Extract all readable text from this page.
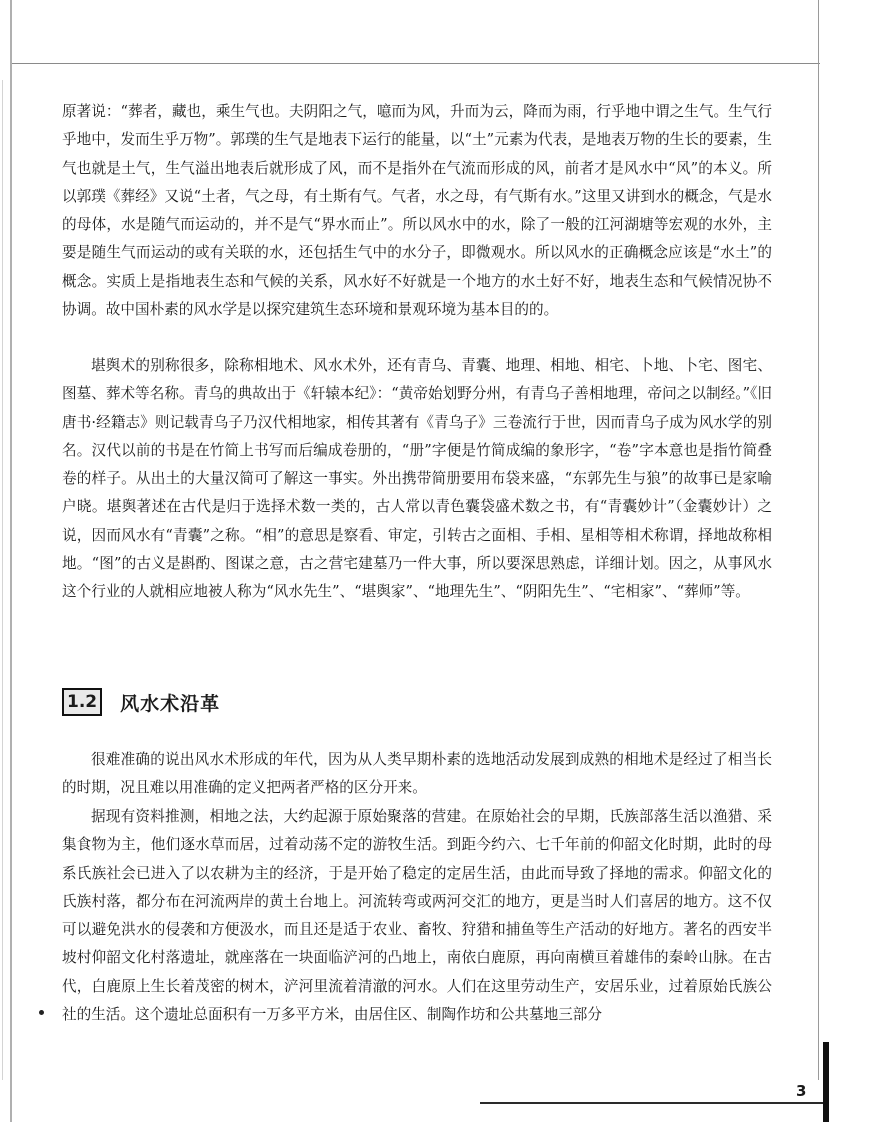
原著说：“葬者，藏也，乘生气也。夫阴阳之气，噫而为风，升而为云，降而为雨，行乎地中谓之生气。生气行乎地中，发而生乎万物”。郭璞的生气是地表下运行的能量，以“土”元素为代表，是地表万物的生长的要素，生气也就是土气，生气溢出地表后就形成了风，而不是指外在气流而形成的风，前者才是风水中“风”的本义。所以郭璞《葬经》又说“土者，气之母，有土斯有气。气者，水之母，有气斯有水。”这里又讲到水的概念，气是水的母体，水是随气而运动的，并不是气“界水而止”。所以风水中的水，除了一般的江河湖塘等宏观的水外，主要是随生气而运动的或有关联的水，还包括生气中的水分子，即微观水。所以风水的正确概念应该是“水土”的概念。实质上是指地表生态和气候的关系，风水好不好就是一个地方的水土好不好，地表生态和气候情况协不协调。故中国朴素的风水学是以探究建筑生态环境和景观环境为基本目的的。

堪舆术的别称很多，除称相地术、风水术外，还有青乌、青囊、地理、相地、相宅、卜地、卜宅、图宅、图墓、葬术等名称。青乌的典故出于《轩辕本纪》：“黄帝始划野分州，有青乌子善相地理，帝问之以制经。”《旧唐书·经籍志》则记载青乌子乃汉代相地家，相传其著有《青乌子》三卷流行于世，因而青乌子成为风水学的别名。汉代以前的书是在竹简上书写而后编成卷册的，“册”字便是竹简成编的象形字，“卷”字本意也是指竹简叠卷的样子。从出土的大量汉简可了解这一事实。外出携带简册要用布袋来盛，“东郭先生与狼”的故事已是家喻户晓。堪舆著述在古代是归于选择术数一类的，古人常以青色囊袋盛术数之书，有“青囊妙计”（金囊妙计）之说，因而风水有“青囊”之称。“相”的意思是察看、审定，引转古之面相、手相、星相等相术称谓，择地故称相地。“图”的古义是斟酌、图谋之意，古之营宅建墓乃一件大事，所以要深思熟虑，详细计划。因之，从事风水这个行业的人就相应地被人称为“风水先生”、“堪舆家”、“地理先生”、“阴阳先生”、“宅相家”、“葬师”等。

1.2 风水术沿革

很难准确的说出风水术形成的年代，因为从人类早期朴素的选地活动发展到成熟的相地术是经过了相当长的时期，况且难以用准确的定义把两者严格的区分开来。

据现有资料推测，相地之法，大约起源于原始聚落的营建。在原始社会的早期，氏族部落生活以渔猎、采集食物为主，他们逐水草而居，过着动荡不定的游牧生活。到距今约六、七千年前的仰韶文化时期，此时的母系氏族社会已进入了以农耕为主的经济，于是开始了稳定的定居生活，由此而导致了择地的需求。仰韶文化的氏族村落，都分布在河流两岸的黄土台地上。河流转弯或两河交汇的地方，更是当时人们喜居的地方。这不仅可以避免洪水的侵袭和方便汲水，而且还是适于农业、畜牧、狩猎和捕鱼等生产活动的好地方。著名的西安半坡村仰韶文化村落遗址，就座落在一块面临浐河的凸地上，南依白鹿原，再向南横亘着雄伟的秦岭山脉。在古代，白鹿原上生长着茂密的树木，浐河里流着清澈的河水。人们在这里劳动生产，安居乐业，过着原始氏族公社的生活。这个遗址总面积有一万多平方米，由居住区、制陶作坊和公共墓地三部分

3
